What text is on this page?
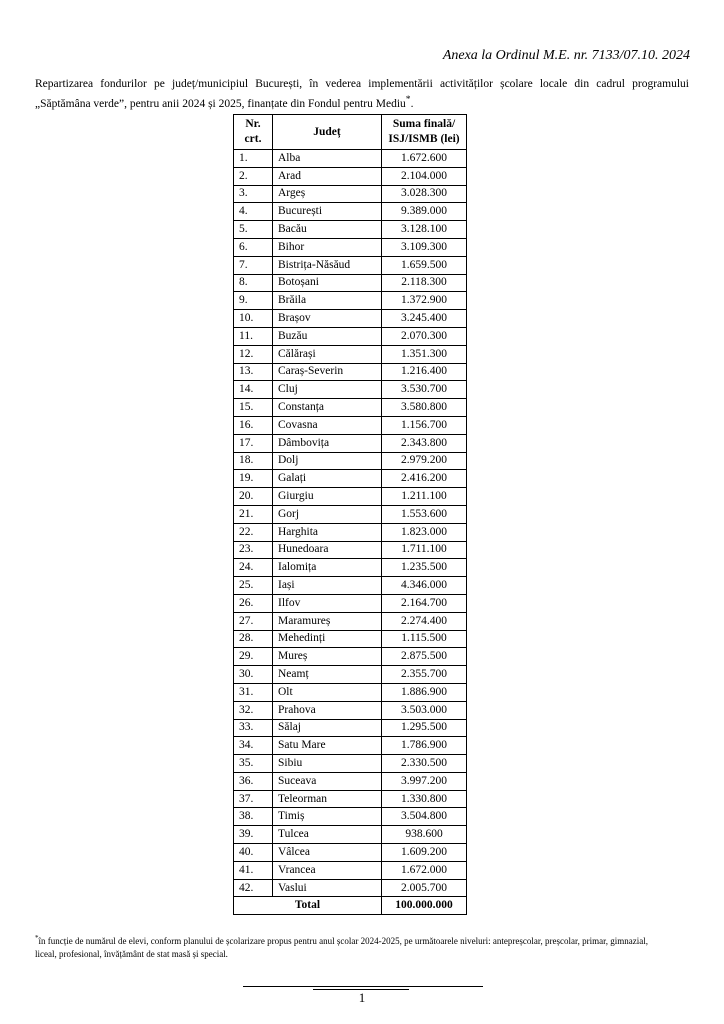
Anexa la Ordinul M.E. nr. 7133/07.10. 2024

Repartizarea fondurilor pe județ/municipiul București, în vederea implementării activităților școlare locale din cadrul programului
„Săptămâna verde”, pentru anii 2024 și 2025, finanțate din Fondul pentru Mediu*.

Nr.
crt.	Județ	Suma finală/
ISJ/ISMB (lei)
1.	Alba	1.672.600
2.	Arad	2.104.000
3.	Argeș	3.028.300
4.	București	9.389.000
5.	Bacău	3.128.100
6.	Bihor	3.109.300
7.	Bistrița-Năsăud	1.659.500
8.	Botoșani	2.118.300
9.	Brăila	1.372.900
10.	Brașov	3.245.400
11.	Buzău	2.070.300
12.	Călărași	1.351.300
13.	Caraș-Severin	1.216.400
14.	Cluj	3.530.700
15.	Constanța	3.580.800
16.	Covasna	1.156.700
17.	Dâmbovița	2.343.800
18.	Dolj	2.979.200
19.	Galați	2.416.200
20.	Giurgiu	1.211.100
21.	Gorj	1.553.600
22.	Harghita	1.823.000
23.	Hunedoara	1.711.100
24.	Ialomița	1.235.500
25.	Iași	4.346.000
26.	Ilfov	2.164.700
27.	Maramureș	2.274.400
28.	Mehedinți	1.115.500
29.	Mureș	2.875.500
30.	Neamț	2.355.700
31.	Olt	1.886.900
32.	Prahova	3.503.000
33.	Sălaj	1.295.500
34.	Satu Mare	1.786.900
35.	Sibiu	2.330.500
36.	Suceava	3.997.200
37.	Teleorman	1.330.800
38.	Timiș	3.504.800
39.	Tulcea	938.600
40.	Vâlcea	1.609.200
41.	Vrancea	1.672.000
42.	Vaslui	2.005.700
Total		100.000.000

*în funcție de numărul de elevi, conform planului de școlarizare propus pentru anul școlar 2024-2025, pe următoarele niveluri: antepreșcolar, preșcolar, primar, gimnazial,
liceal, profesional, învățământ de stat masă și special.

1
